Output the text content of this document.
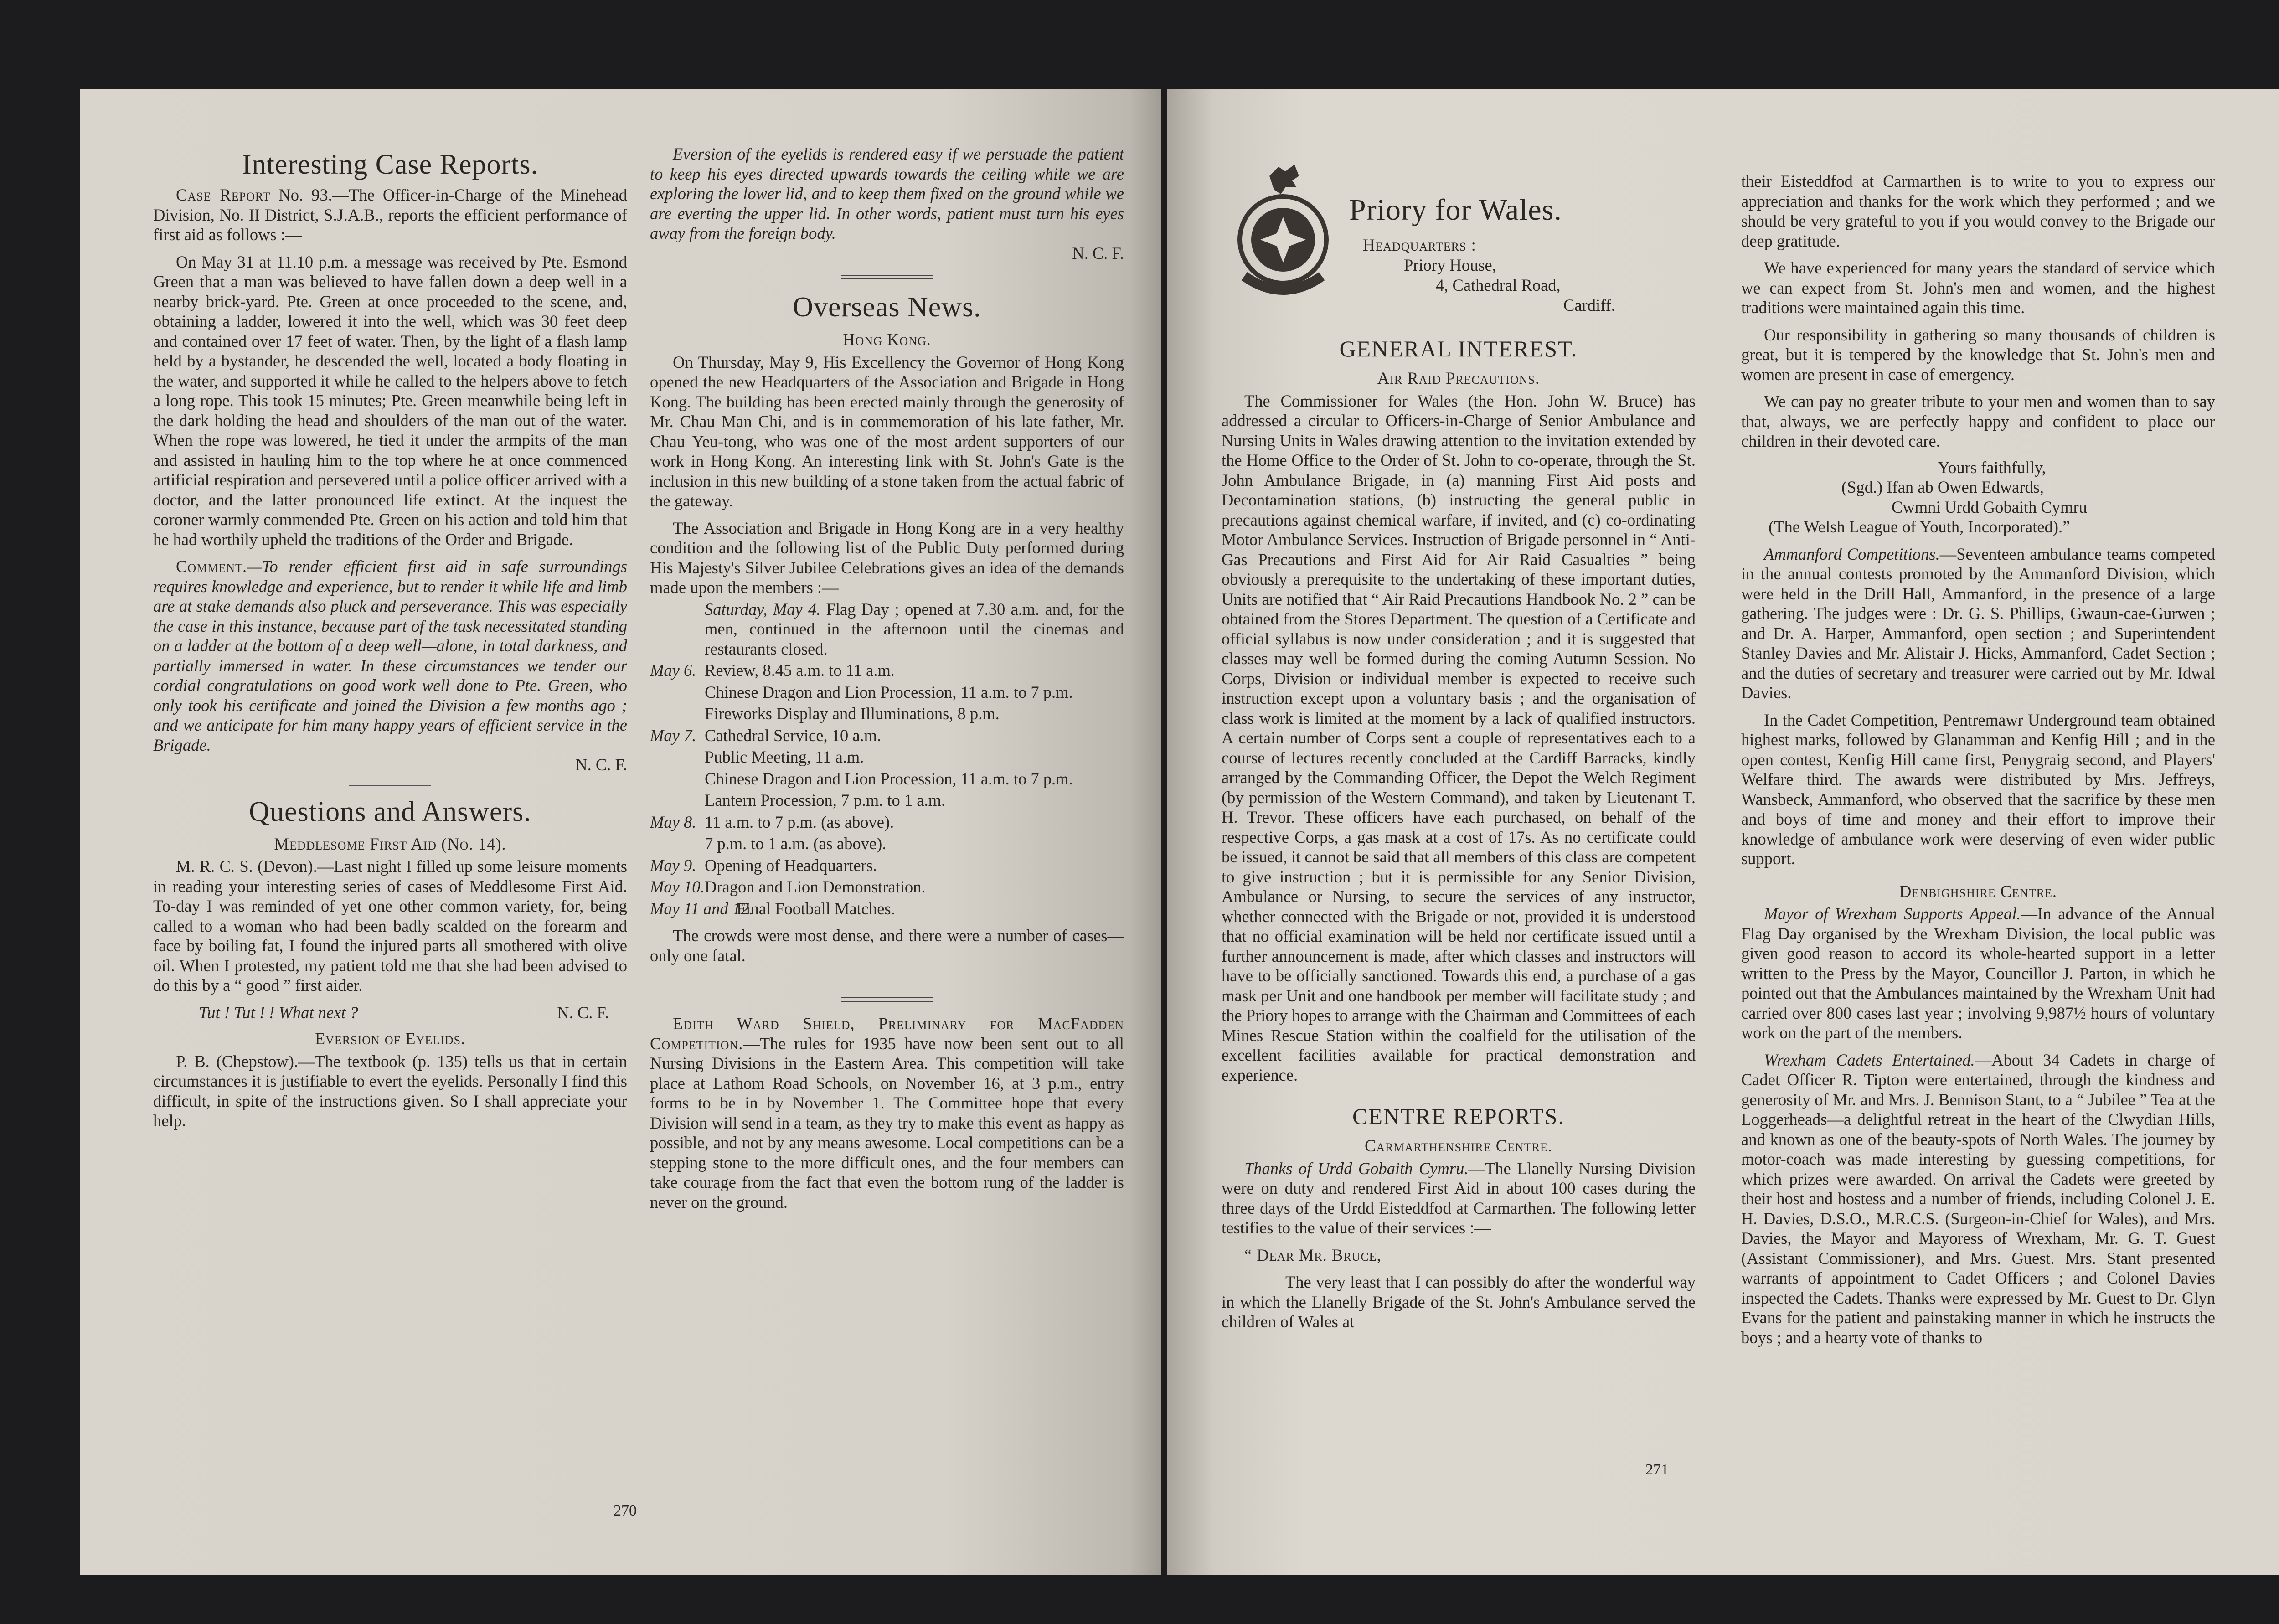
Interesting Case Reports.

Case Report No. 93.—The Officer-in-Charge of the Minehead Division, No. II District, S.J.A.B., reports the efficient performance of first aid as follows :—

On May 31 at 11.10 p.m. a message was received by Pte. Esmond Green that a man was believed to have fallen down a deep well in a nearby brick-yard. Pte. Green at once proceeded to the scene, and, obtaining a ladder, lowered it into the well, which was 30 feet deep and contained over 17 feet of water. Then, by the light of a flash lamp held by a bystander, he descended the well, located a body floating in the water, and supported it while he called to the helpers above to fetch a long rope. This took 15 minutes; Pte. Green meanwhile being left in the dark holding the head and shoulders of the man out of the water. When the rope was lowered, he tied it under the armpits of the man and assisted in hauling him to the top where he at once commenced artificial respiration and persevered until a police officer arrived with a doctor, and the latter pronounced life extinct. At the inquest the coroner warmly commended Pte. Green on his action and told him that he had worthily upheld the traditions of the Order and Brigade.

Comment.—To render efficient first aid in safe surroundings requires knowledge and experience, but to render it while life and limb are at stake demands also pluck and perseverance. This was especially the case in this instance, because part of the task necessitated standing on a ladder at the bottom of a deep well—alone, in total darkness, and partially immersed in water. In these circumstances we tender our cordial congratulations on good work well done to Pte. Green, who only took his certificate and joined the Division a few months ago ; and we anticipate for him many happy years of efficient service in the Brigade.

N. C. F.

Questions and Answers.

Meddlesome First Aid (No. 14).

M. R. C. S. (Devon).—Last night I filled up some leisure moments in reading your interesting series of cases of Meddlesome First Aid. To-day I was reminded of yet one other common variety, for, being called to a woman who had been badly scalded on the forearm and face by boiling fat, I found the injured parts all smothered with olive oil. When I protested, my patient told me that she had been advised to do this by a “ good ” first aider.

Tut ! Tut ! ! What next ?	N. C. F.

Eversion of Eyelids.

P. B. (Chepstow).—The textbook (p. 135) tells us that in certain circumstances it is justifiable to evert the eyelids. Personally I find this difficult, in spite of the instructions given. So I shall appreciate your help.

Eversion of the eyelids is rendered easy if we persuade the patient to keep his eyes directed upwards towards the ceiling while we are exploring the lower lid, and to keep them fixed on the ground while we are everting the upper lid. In other words, patient must turn his eyes away from the foreign body.

N. C. F.

Overseas News.

Hong Kong.

On Thursday, May 9, His Excellency the Governor of Hong Kong opened the new Headquarters of the Association and Brigade in Hong Kong. The building has been erected mainly through the generosity of Mr. Chau Man Chi, and is in commemoration of his late father, Mr. Chau Yeu-tong, who was one of the most ardent supporters of our work in Hong Kong. An interesting link with St. John's Gate is the inclusion in this new building of a stone taken from the actual fabric of the gateway.

The Association and Brigade in Hong Kong are in a very healthy condition and the following list of the Public Duty performed during His Majesty's Silver Jubilee Celebrations gives an idea of the demands made upon the members :—

Saturday, May 4. Flag Day ; opened at 7.30 a.m. and, for the men, continued in the afternoon until the cinemas and restaurants closed.

May 6. Review, 8.45 a.m. to 11 a.m.

Chinese Dragon and Lion Procession, 11 a.m. to 7 p.m.

Fireworks Display and Illuminations, 8 p.m.

May 7. Cathedral Service, 10 a.m.

Public Meeting, 11 a.m.

Chinese Dragon and Lion Procession, 11 a.m. to 7 p.m.

Lantern Procession, 7 p.m. to 1 a.m.

May 8. 11 a.m. to 7 p.m. (as above).

7 p.m. to 1 a.m. (as above).

May 9. Opening of Headquarters.

May 10. Dragon and Lion Demonstration.

May 11 and 12.
Final Football Matches.

The crowds were most dense, and there were a number of cases—only one fatal.

Edith Ward Shield, Preliminary for MacFadden Competition.—The rules for 1935 have now been sent out to all Nursing Divisions in the Eastern Area. This competition will take place at Lathom Road Schools, on November 16, at 3 p.m., entry forms to be in by November 1. The Committee hope that every Division will send in a team, as they try to make this event as happy as possible, and not by any means awesome. Local competitions can be a stepping stone to the more difficult ones, and the four members can take courage from the fact that even the bottom rung of the ladder is never on the ground.

270
Priory for Wales.

Headquarters :

Priory House,

4, Cathedral Road,

Cardiff.

GENERAL INTEREST.

Air Raid Precautions.

The Commissioner for Wales (the Hon. John W. Bruce) has addressed a circular to Officers-in-Charge of Senior Ambulance and Nursing Units in Wales drawing attention to the invitation extended by the Home Office to the Order of St. John to co-operate, through the St. John Ambulance Brigade, in (a) manning First Aid posts and Decontamination stations, (b) instructing the general public in precautions against chemical warfare, if invited, and (c) co-ordinating Motor Ambulance Services. Instruction of Brigade personnel in “ Anti-Gas Precautions and First Aid for Air Raid Casualties ” being obviously a prerequisite to the undertaking of these important duties, Units are notified that “ Air Raid Precautions Handbook No. 2 ” can be obtained from the Stores Department. The question of a Certificate and official syllabus is now under consideration ; and it is suggested that classes may well be formed during the coming Autumn Session. No Corps, Division or individual member is expected to receive such instruction except upon a voluntary basis ; and the organisation of class work is limited at the moment by a lack of qualified instructors. A certain number of Corps sent a couple of representatives each to a course of lectures recently concluded at the Cardiff Barracks, kindly arranged by the Commanding Officer, the Depot the Welch Regiment (by permission of the Western Command), and taken by Lieutenant T. H. Trevor. These officers have each purchased, on behalf of the respective Corps, a gas mask at a cost of 17s. As no certificate could be issued, it cannot be said that all members of this class are competent to give instruction ; but it is permissible for any Senior Division, Ambulance or Nursing, to secure the services of any instructor, whether connected with the Brigade or not, provided it is understood that no official examination will be held nor certificate issued until a further announcement is made, after which classes and instructors will have to be officially sanctioned. Towards this end, a purchase of a gas mask per Unit and one handbook per member will facilitate study ; and the Priory hopes to arrange with the Chairman and Committees of each Mines Rescue Station within the coalfield for the utilisation of the excellent facilities available for practical demonstration and experience.

CENTRE REPORTS.

Carmarthenshire Centre.

Thanks of Urdd Gobaith Cymru.—The Llanelly Nursing Division were on duty and rendered First Aid in about 100 cases during the three days of the Urdd Eisteddfod at Carmarthen. The following letter testifies to the value of their services :—

“ Dear Mr. Bruce,

The very least that I can possibly do after the wonderful way in which the Llanelly Brigade of the St. John's Ambulance served the children of Wales at

their Eisteddfod at Carmarthen is to write to you to express our appreciation and thanks for the work which they performed ; and we should be very grateful to you if you would convey to the Brigade our deep gratitude.

We have experienced for many years the standard of service which we can expect from St. John's men and women, and the highest traditions were maintained again this time.

Our responsibility in gathering so many thousands of children is great, but it is tempered by the knowledge that St. John's men and women are present in case of emergency.

We can pay no greater tribute to your men and women than to say that, always, we are perfectly happy and confident to place our children in their devoted care.

Yours faithfully,

(Sgd.) Ifan ab Owen Edwards,

Cwmni Urdd Gobaith Cymru

(The Welsh League of Youth, Incorporated).”

Ammanford Competitions.—Seventeen ambulance teams competed in the annual contests promoted by the Ammanford Division, which were held in the Drill Hall, Ammanford, in the presence of a large gathering. The judges were : Dr. G. S. Phillips, Gwaun-cae-Gurwen ; and Dr. A. Harper, Ammanford, open section ; and Superintendent Stanley Davies and Mr. Alistair J. Hicks, Ammanford, Cadet Section ; and the duties of secretary and treasurer were carried out by Mr. Idwal Davies.

In the Cadet Competition, Pentremawr Underground team obtained highest marks, followed by Glanamman and Kenfig Hill ; and in the open contest, Kenfig Hill came first, Penygraig second, and Players' Welfare third. The awards were distributed by Mrs. Jeffreys, Wansbeck, Ammanford, who observed that the sacrifice by these men and boys of time and money and their effort to improve their knowledge of ambulance work were deserving of even wider public support.

Denbighshire Centre.

Mayor of Wrexham Supports Appeal.—In advance of the Annual Flag Day organised by the Wrexham Division, the local public was given good reason to accord its whole-hearted support in a letter written to the Press by the Mayor, Councillor J. Parton, in which he pointed out that the Ambulances maintained by the Wrexham Unit had carried over 800 cases last year ; involving 9,987½ hours of voluntary work on the part of the members.

Wrexham Cadets Entertained.—About 34 Cadets in charge of Cadet Officer R. Tipton were entertained, through the kindness and generosity of Mr. and Mrs. J. Bennison Stant, to a “ Jubilee ” Tea at the Loggerheads—a delightful retreat in the heart of the Clwydian Hills, and known as one of the beauty-spots of North Wales. The journey by motor-coach was made interesting by guessing competitions, for which prizes were awarded. On arrival the Cadets were greeted by their host and hostess and a number of friends, including Colonel J. E. H. Davies, D.S.O., M.R.C.S. (Surgeon-in-Chief for Wales), and Mrs. Davies, the Mayor and Mayoress of Wrexham, Mr. G. T. Guest (Assistant Commissioner), and Mrs. Guest. Mrs. Stant presented warrants of appointment to Cadet Officers ; and Colonel Davies inspected the Cadets. Thanks were expressed by Mr. Guest to Dr. Glyn Evans for the patient and painstaking manner in which he instructs the boys ; and a hearty vote of thanks to

271
